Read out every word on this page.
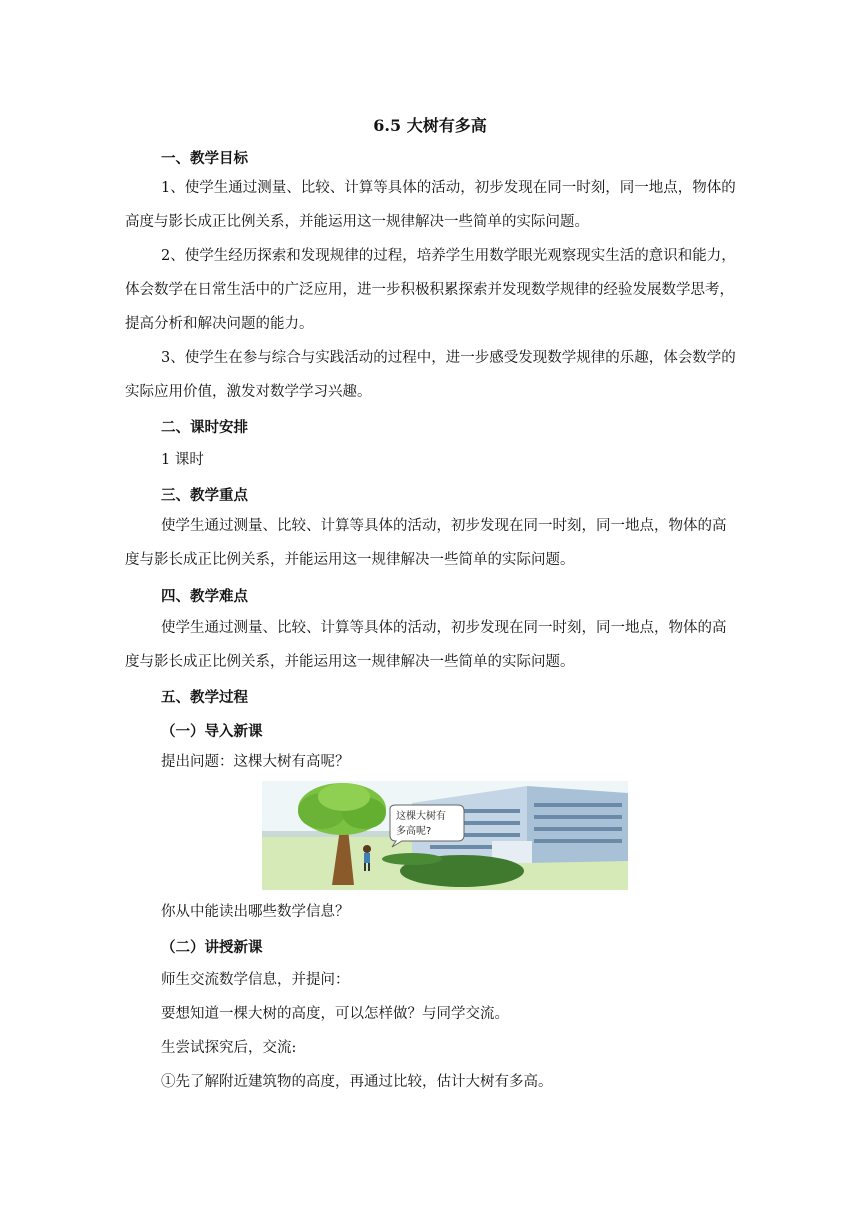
6.5 大树有多高
一、教学目标
1、使学生通过测量、比较、计算等具体的活动，初步发现在同一时刻，同一地点，物体的高度与影长成正比例关系，并能运用这一规律解决一些简单的实际问题。
2、使学生经历探索和发现规律的过程，培养学生用数学眼光观察现实生活的意识和能力，体会数学在日常生活中的广泛应用，进一步积极积累探索并发现数学规律的经验发展数学思考，提高分析和解决问题的能力。
3、使学生在参与综合与实践活动的过程中，进一步感受发现数学规律的乐趣，体会数学的实际应用价值，激发对数学学习兴趣。
二、课时安排
1 课时
三、教学重点
使学生通过测量、比较、计算等具体的活动，初步发现在同一时刻，同一地点，物体的高度与影长成正比例关系，并能运用这一规律解决一些简单的实际问题。
四、教学难点
使学生通过测量、比较、计算等具体的活动，初步发现在同一时刻，同一地点，物体的高度与影长成正比例关系，并能运用这一规律解决一些简单的实际问题。
五、教学过程
（一）导入新课
提出问题：这棵大树有高呢？
这棵大树有
多高呢?
你从中能读出哪些数学信息？
（二）讲授新课
师生交流数学信息，并提问：
要想知道一棵大树的高度，可以怎样做？与同学交流。
生尝试探究后，交流:
①先了解附近建筑物的高度，再通过比较，估计大树有多高。
